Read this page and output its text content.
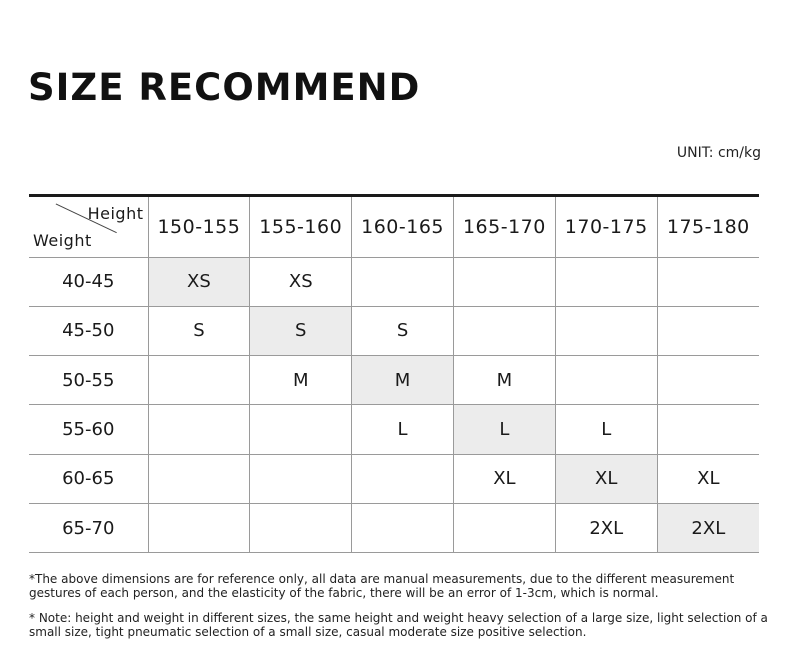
SIZE RECOMMEND
UNIT: cm/kg
Height
Weight	150-155	155-160	160-165	165-170	170-175	175-180
40-45	XS	XS				
45-50	S	S	S			
50-55		M	M	M		
55-60			L	L	L	
60-65				XL	XL	XL
65-70					2XL	2XL
*The above dimensions are for reference only, all data are manual measurements, due to the different measurement gestures of each person, and the elasticity of the fabric, there will be an error of 1-3cm, which is normal.
* Note: height and weight in different sizes, the same height and weight heavy selection of a large size, light selection of a small size, tight pneumatic selection of a small size, casual moderate size positive selection.
